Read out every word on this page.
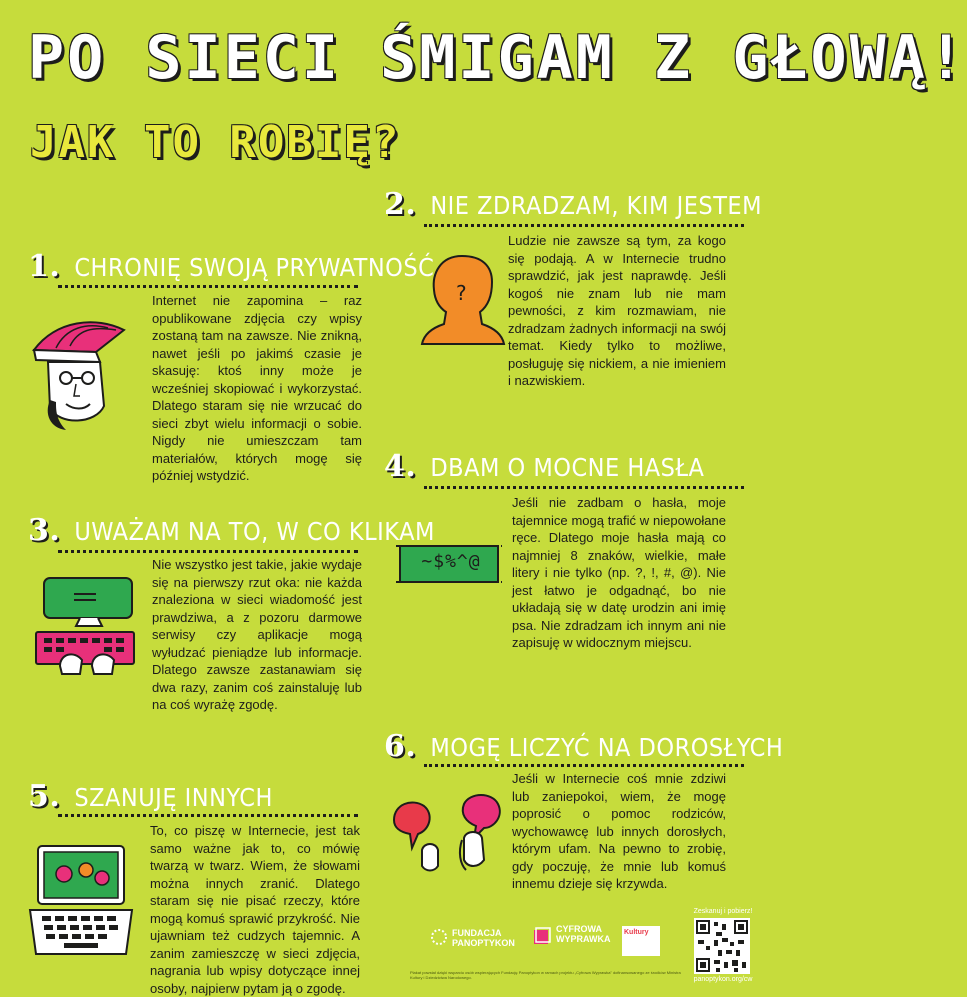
PO SIECI ŚMIGAM Z GŁOWĄ!
JAK TO ROBIĘ?
2. NIE ZDRADZAM, KIM JESTEM
Ludzie nie zawsze są tym, za kogo się podają. A w Internecie trudno sprawdzić, jak jest naprawdę. Jeśli kogoś nie znam lub nie mam pewności, z kim rozmawiam, nie zdradzam żadnych informacji na swój temat. Kiedy tylko to możliwe, posługuję się nickiem, a nie imieniem i nazwiskiem.
1. CHRONIĘ SWOJĄ PRYWATNOŚĆ
Internet nie zapomina – raz opublikowane zdjęcia czy wpisy zostaną tam na zawsze. Nie znikną, nawet jeśli po jakimś czasie je skasuję: ktoś inny może je wcześniej skopiować i wykorzystać. Dlatego staram się nie wrzucać do sieci zbyt wielu informacji o sobie. Nigdy nie umieszczam tam materiałów, których mogę się później wstydzić.	4. DBAM O MOCNE HASŁA
Jeśli nie zadbam o hasła, moje tajemnice mogą trafić w niepowołane ręce. Dlatego moje hasła mają co najmniej 8 znaków, wielkie, małe litery i nie tylko (np. ?, !, #, @). Nie jest łatwo je odgadnąć, bo nie układają się w datę urodzin ani imię psa. Nie zdradzam ich innym ani nie zapisuję w widocznym miejscu.
3. UWAŻAM NA TO, W CO KLIKAM
Nie wszystko jest takie, jakie wydaje się na pierwszy rzut oka: nie każda znaleziona w sieci wiadomość jest prawdziwa, a z pozoru darmowe serwisy czy aplikacje mogą wyłudzać pieniądze lub informacje. Dlatego zawsze zastanawiam się dwa razy, zanim coś zainstaluję lub na coś wyrażę zgodę.
6. MOGĘ LICZYĆ NA DOROSŁYCH
Jeśli w Internecie coś mnie zdziwi lub zaniepokoi, wiem, że mogę poprosić o pomoc rodziców, wychowawcę lub innych dorosłych, którym ufam. Na pewno to zrobię, gdy poczuję, że mnie lub komuś innemu dzieje się krzywda.
5. SZANUJĘ INNYCH
To, co piszę w Internecie, jest tak samo ważne jak to, co mówię twarzą w twarz. Wiem, że słowami można innych zranić. Dlatego staram się nie pisać rzeczy, które mogą komuś sprawić przykrość. Nie ujawniam też cudzych tajemnic. A zanim zamieszczę w sieci zdjęcia, nagrania lub wpisy dotyczące innej osoby, najpierw pytam ją o zgodę.
?
~$%^@
FUNDACJA
PANOPTYKON
CYFROWA
WYPRAWKA
Kultury
Zeskanuj i pobierz!
panoptykon.org/cw
Plakat powstał dzięki wsparciu osób wspierających Fundację Panoptykon w ramach projektu „Cyfrowa Wyprawka” dofinansowanego ze środków Ministra Kultury i Dziedzictwa Narodowego.
